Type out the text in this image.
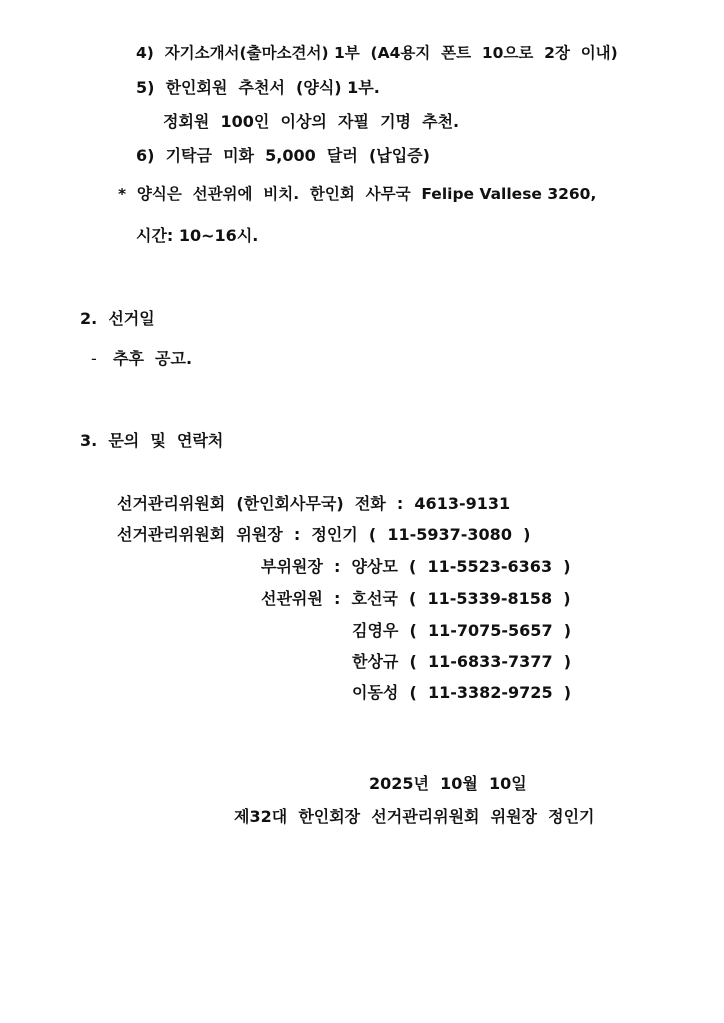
4)  자기소개서(출마소견서) 1부  (A4용지  폰트  10으로  2장  이내)
5)  한인회원  추천서  (양식) 1부.
정회원  100인  이상의  자필  기명  추천.
6)  기탁금  미화  5,000  달러  (납입증)
*  양식은  선관위에  비치.  한인회  사무국  Felipe Vallese 3260,
시간: 10~16시.
2.  선거일
- 추후  공고.
3.  문의  및  연락처
선거관리위원회  (한인회사무국)  전화  :  4613-9131
선거관리위원회  위원장  :  정인기  (  11-5937-3080  )
부위원장  :  양상모  (  11-5523-6363  )
선관위원  :  호선국  (  11-5339-8158  )
김영우  (  11-7075-5657  )
한상규  (  11-6833-7377  )
이동성  (  11-3382-9725  )
2025년  10월  10일
제32대  한인회장  선거관리위원회  위원장  정인기
